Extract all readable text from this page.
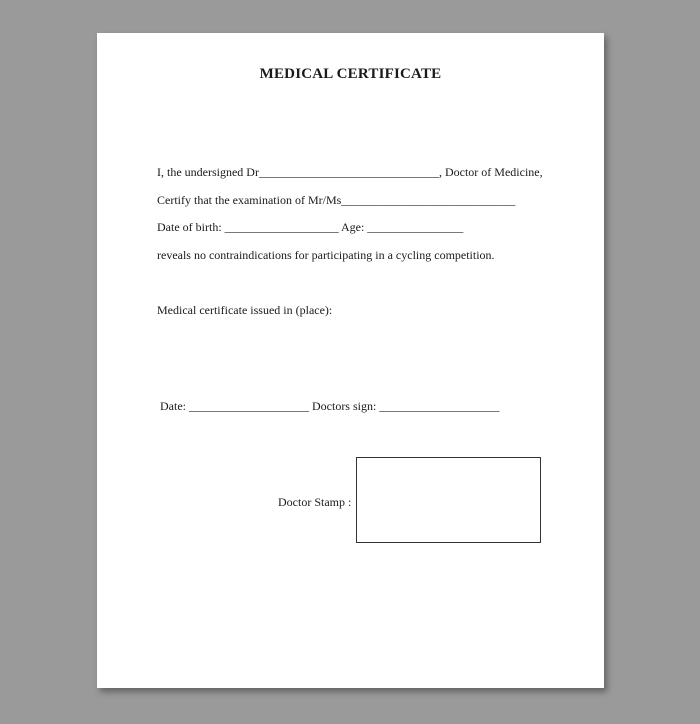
MEDICAL CERTIFICATE
I, the undersigned Dr______________________________, Doctor of Medicine,
Certify that the examination of Mr/Ms_____________________________
Date of birth: ___________________ Age: ________________
reveals no contraindications for participating in a cycling competition.
Medical certificate issued in (place):
Date: ____________________ Doctors sign: ____________________
Doctor Stamp :
